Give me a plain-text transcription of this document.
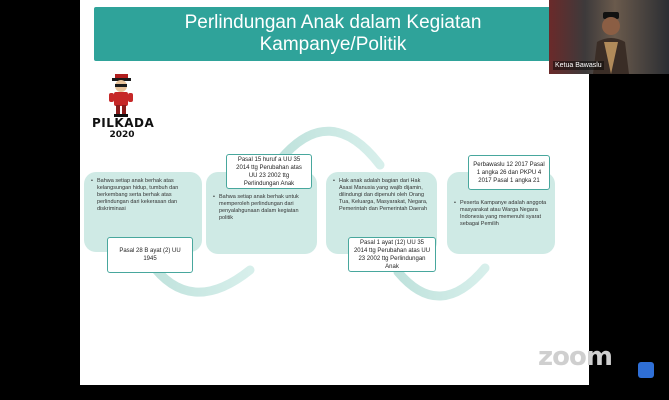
Perlindungan Anak dalam Kegiatan Kampanye/Politik
PILKADA
2020
• Bahwa setiap anak berhak atas kelangsungan hidup, tumbuh dan berkembang serta berhak atas perlindungan dari kekerasan dan diskriminasi
Pasal 28 B ayat (2) UU 1945
• Bahwa setiap anak berhak untuk memperoleh perlindungan dari penyalahgunaan dalam kegiatan politik
Pasal 15 huruf a UU 35 2014 ttg Perubahan atas UU 23 2002 ttg Perlindungan Anak
•	Hak anak adalah bagian dari Hak Asasi Manusia yang wajib dijamin, dilindungi dan dipenuhi oleh Orang Tua, Keluarga, Masyarakat, Negara, Pemerintah dan Pemerintah Daerah
Pasal 1 ayat (12) UU 35 2014 ttg Perubahan atas UU 23 2002 ttg Perlindungan Anak
• Peserta Kampanye adalah anggota masyarakat atau Warga Negara Indonesia yang memenuhi syarat sebagai Pemilih
Perbawaslu 12 2017 Pasal 1 angka 26 dan PKPU 4 2017 Pasal 1 angka 21
Ketua Bawaslu
zoom
